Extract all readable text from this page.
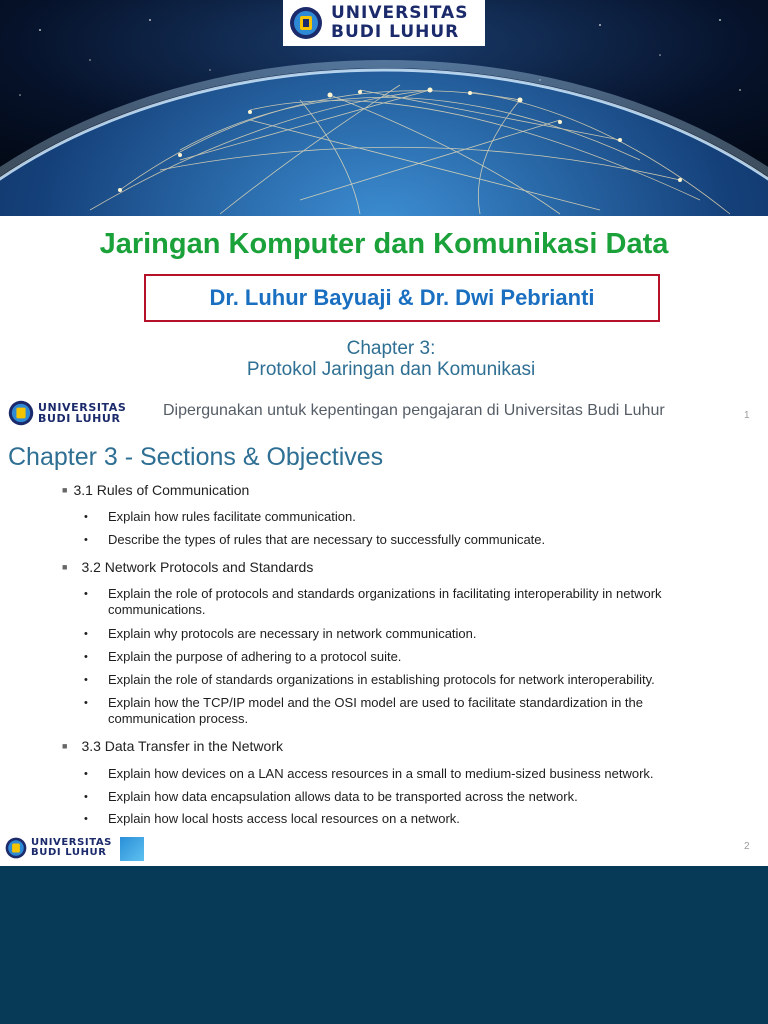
UNIVERSITAS
BUDI LUHUR
Jaringan Komputer dan Komunikasi Data
Dr. Luhur Bayuaji & Dr. Dwi Pebrianti
Chapter 3:
Protokol Jaringan dan Komunikasi
UNIVERSITAS
BUDI LUHUR	Dipergunakan untuk kepentingan pengajaran di Universitas Budi Luhur	1
Chapter 3 - Sections & Objectives
■ 3.1 Rules of Communication
•	Explain how rules facilitate communication.
•	Describe the types of rules that are necessary to successfully communicate.
■ 3.2 Network Protocols and Standards
•	Explain the role of protocols and standards organizations in facilitating interoperability in network communications.
•	Explain why protocols are necessary in network communication.
•	Explain the purpose of adhering to a protocol suite.
•	Explain the role of standards organizations in establishing protocols for network interoperability.
•	Explain how the TCP/IP model and the OSI model are used to facilitate standardization in the communication process.
■ 3.3 Data Transfer in the Network
•	Explain how devices on a LAN access resources in a small to medium-sized business network.
•	Explain how data encapsulation allows data to be transported across the network.
•	Explain how local hosts access local resources on a network.
UNIVERSITAS
BUDI LUHUR
2
